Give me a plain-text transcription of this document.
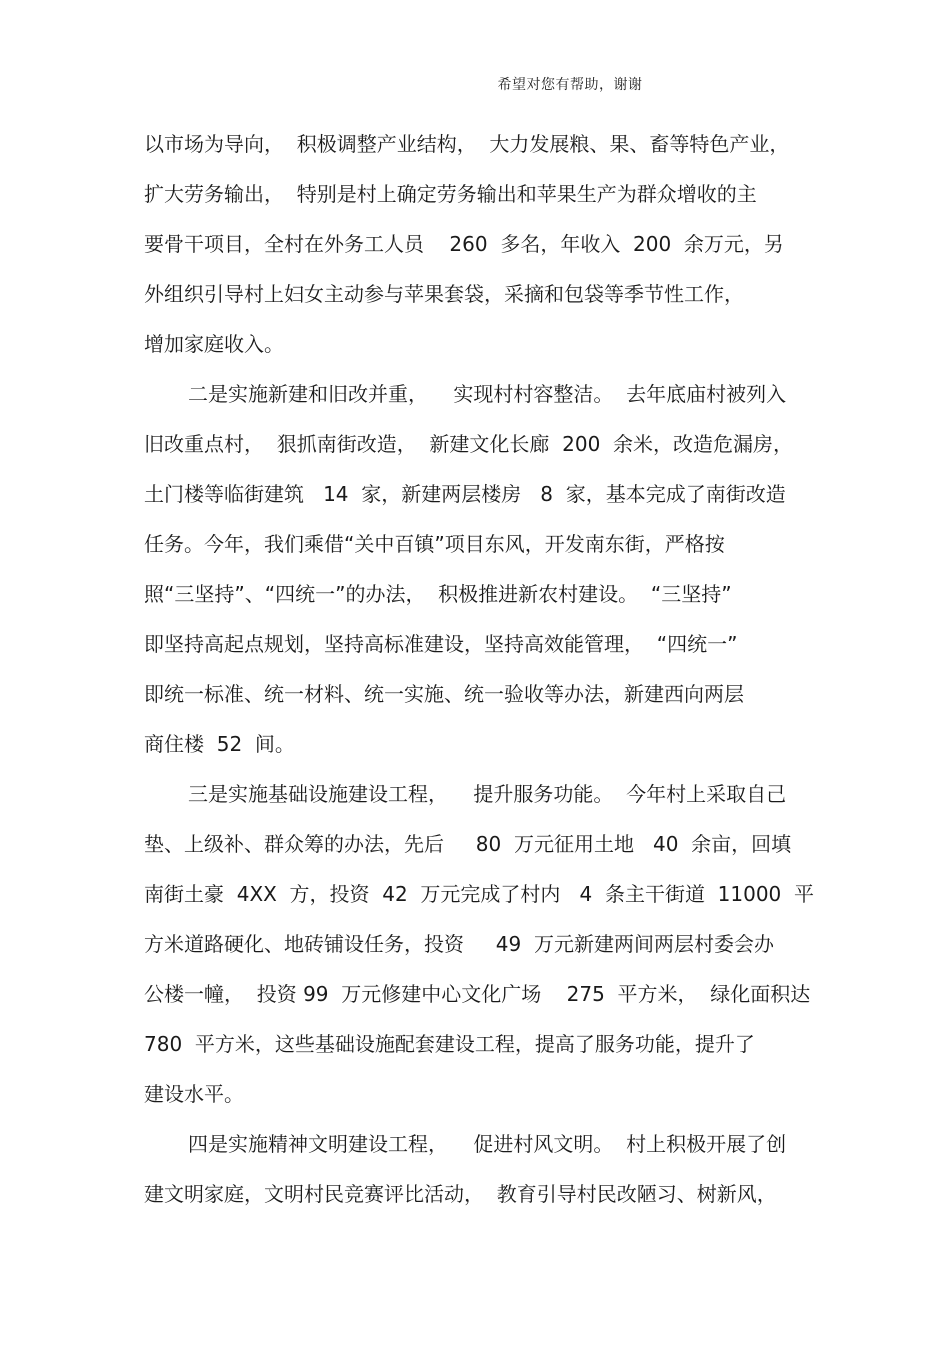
希望对您有帮助，谢谢
以市场为导向，  积极调整产业结构，  大力发展粮、果、畜等特色产业，
扩大劳务输出，  特别是村上确定劳务输出和苹果生产为群众增收的主
要骨干项目，全村在外务工人员    260  多名，年收入  200  余万元，另
外组织引导村上妇女主动参与苹果套袋，采摘和包袋等季节性工作，
增加家庭收入。
二是实施新建和旧改并重，    实现村村容整洁。  去年底庙村被列入
旧改重点村，  狠抓南街改造，  新建文化长廊  200  余米，改造危漏房，
土门楼等临街建筑   14  家，新建两层楼房   8  家，基本完成了南街改造
任务。今年，我们乘借“关中百镇”项目东风，开发南东街，严格按
照“三坚持”、“四统一”的办法，  积极推进新农村建设。  “三坚持”
即坚持高起点规划，坚持高标准建设，坚持高效能管理，  “四统一”
即统一标准、统一材料、统一实施、统一验收等办法，新建西向两层
商住楼  52  间。
三是实施基础设施建设工程，    提升服务功能。  今年村上采取自己
垫、上级补、群众筹的办法，先后     80  万元征用土地   40  余亩，回填
南街土豪  4XX  方，投资  42  万元完成了村内   4  条主干街道  11000  平
方米道路硬化、地砖铺设任务，投资     49  万元新建两间两层村委会办
公楼一幢，  投资 99  万元修建中心文化广场    275  平方米，  绿化面积达
780  平方米，这些基础设施配套建设工程，提高了服务功能，提升了
建设水平。
四是实施精神文明建设工程，    促进村风文明。  村上积极开展了创
建文明家庭，文明村民竞赛评比活动，  教育引导村民改陋习、树新风，
